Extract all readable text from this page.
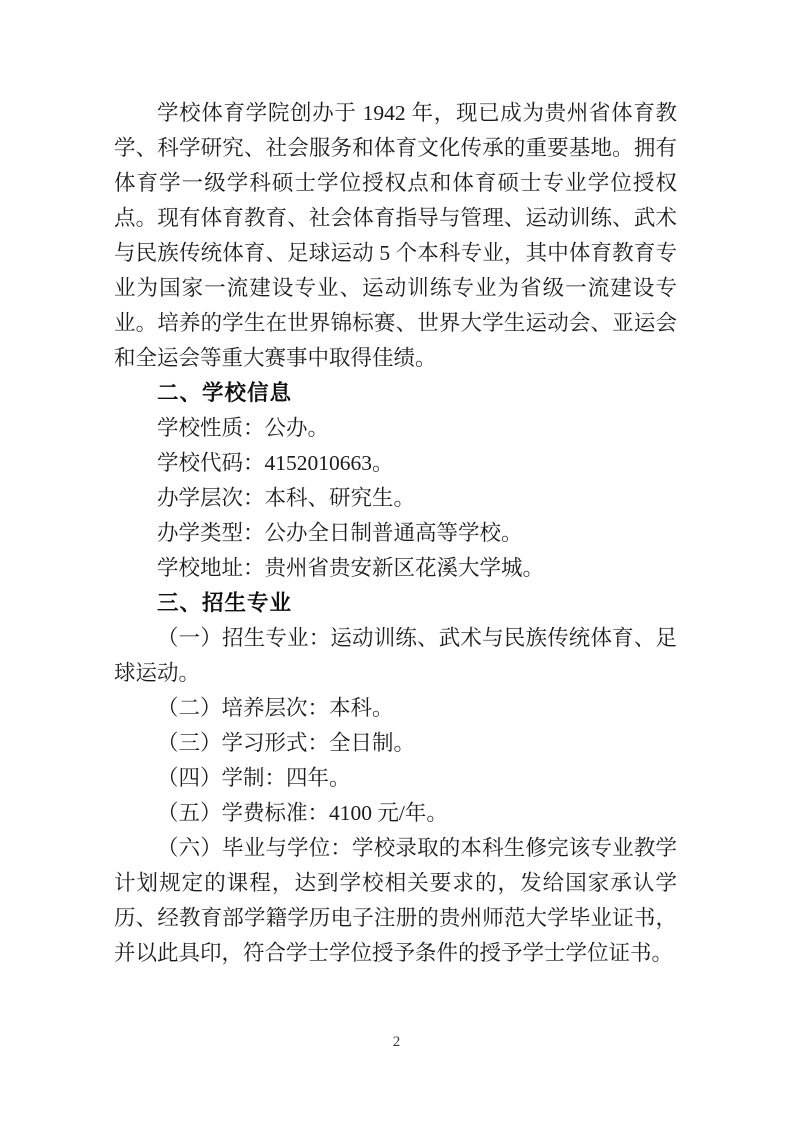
学校体育学院创办于 1942 年，现已成为贵州省体育教学、科学研究、社会服务和体育文化传承的重要基地。拥有体育学一级学科硕士学位授权点和体育硕士专业学位授权点。现有体育教育、社会体育指导与管理、运动训练、武术与民族传统体育、足球运动 5 个本科专业，其中体育教育专业为国家一流建设专业、运动训练专业为省级一流建设专业。培养的学生在世界锦标赛、世界大学生运动会、亚运会和全运会等重大赛事中取得佳绩。

二、学校信息

学校性质：公办。

学校代码：4152010663。

办学层次：本科、研究生。

办学类型：公办全日制普通高等学校。

学校地址：贵州省贵安新区花溪大学城。

三、招生专业

（一）招生专业：运动训练、武术与民族传统体育、足球运动。

（二）培养层次：本科。

（三）学习形式：全日制。

（四）学制：四年。

（五）学费标准：4100 元/年。

（六）毕业与学位：学校录取的本科生修完该专业教学计划规定的课程，达到学校相关要求的，发给国家承认学历、经教育部学籍学历电子注册的贵州师范大学毕业证书，并以此具印，符合学士学位授予条件的授予学士学位证书。

2
